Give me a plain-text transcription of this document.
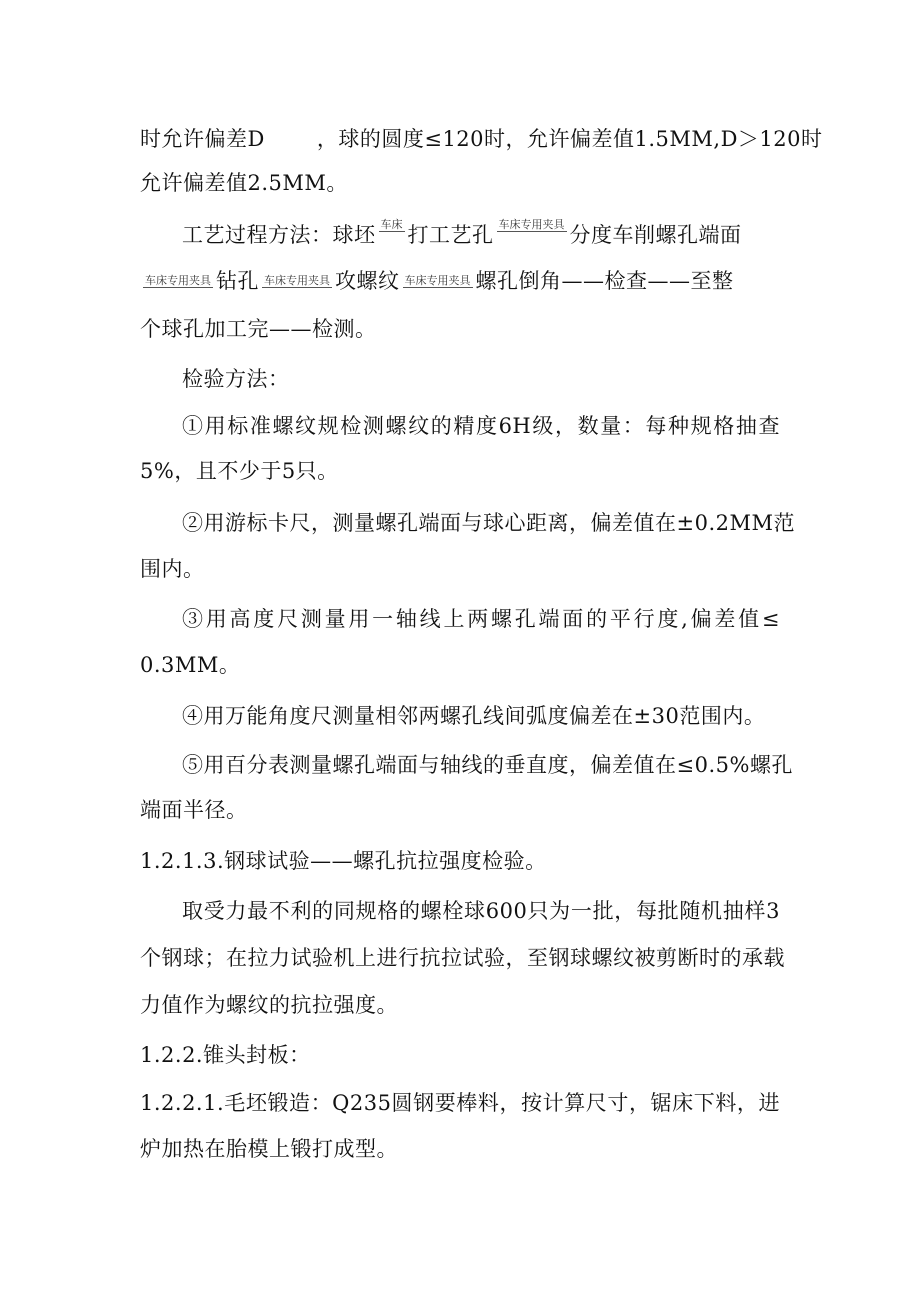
时允许偏差D ，球的圆度≤120时，允许偏差值1.5MM,D＞120时
允许偏差值2.5MM。
工艺过程方法：球坯 车床 打工艺孔 车床专用夹具 分度车削螺孔端面
车床专用夹具 钻孔 车床专用夹具 攻螺纹 车床专用夹具 螺孔倒角——检查——至整
个球孔加工完——检测。
检验方法：
①用标准螺纹规检测螺纹的精度6H级，数量：每种规格抽查
5%，且不少于5只。
②用游标卡尺，测量螺孔端面与球心距离，偏差值在±0.2MM范
围内。
③用高度尺测量用一轴线上两螺孔端面的平行度,偏差值≤
0.3MM。
④用万能角度尺测量相邻两螺孔线间弧度偏差在±30范围内。
⑤用百分表测量螺孔端面与轴线的垂直度，偏差值在≤0.5%螺孔
端面半径。
1.2.1.3.钢球试验——螺孔抗拉强度检验。
取受力最不利的同规格的螺栓球600只为一批，每批随机抽样3
个钢球；在拉力试验机上进行抗拉试验，至钢球螺纹被剪断时的承载
力值作为螺纹的抗拉强度。
1.2.2.锥头封板：
1.2.2.1.毛坯锻造：Q235圆钢要棒料，按计算尺寸，锯床下料，进
炉加热在胎模上锻打成型。
